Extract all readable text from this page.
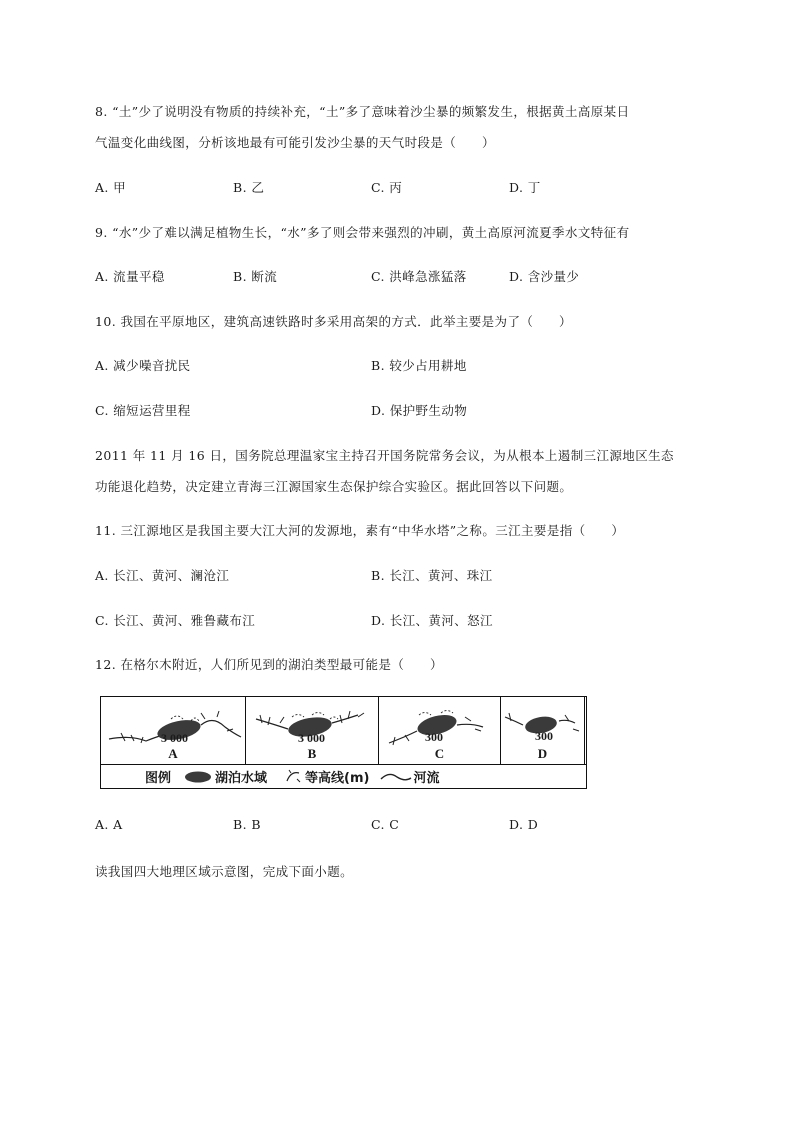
8. “土”少了说明没有物质的持续补充，“土”多了意味着沙尘暴的频繁发生，根据黄土高原某日
气温变化曲线图，分析该地最有可能引发沙尘暴的天气时段是（　　）
A. 甲	B. 乙	C. 丙	D. 丁
9. “水”少了难以满足植物生长，“水”多了则会带来强烈的冲刷，黄土高原河流夏季水文特征有
A. 流量平稳	B. 断流	C. 洪峰急涨猛落	D. 含沙量少
10. 我国在平原地区，建筑高速铁路时多采用高架的方式．此举主要是为了（　　）
A. 减少噪音扰民	B. 较少占用耕地
C. 缩短运营里程	D. 保护野生动物
2011 年 11 月 16 日，国务院总理温家宝主持召开国务院常务会议，为从根本上遏制三江源地区生态
功能退化趋势，决定建立青海三江源国家生态保护综合实验区。据此回答以下问题。
11. 三江源地区是我国主要大江大河的发源地，素有“中华水塔”之称。三江主要是指（　　）
A. 长江、黄河、澜沧江	B. 长江、黄河、珠江
C. 长江、黄河、雅鲁藏布江	D. 长江、黄河、怒江
12. 在格尔木附近，人们所见到的湖泊类型最可能是（　　）
3 000
A
3 000
B
300
C
300
D
图例	湖泊水域	等高线(m)	河流
A. A	B. B	C. C	D. D
读我国四大地理区域示意图，完成下面小题。
